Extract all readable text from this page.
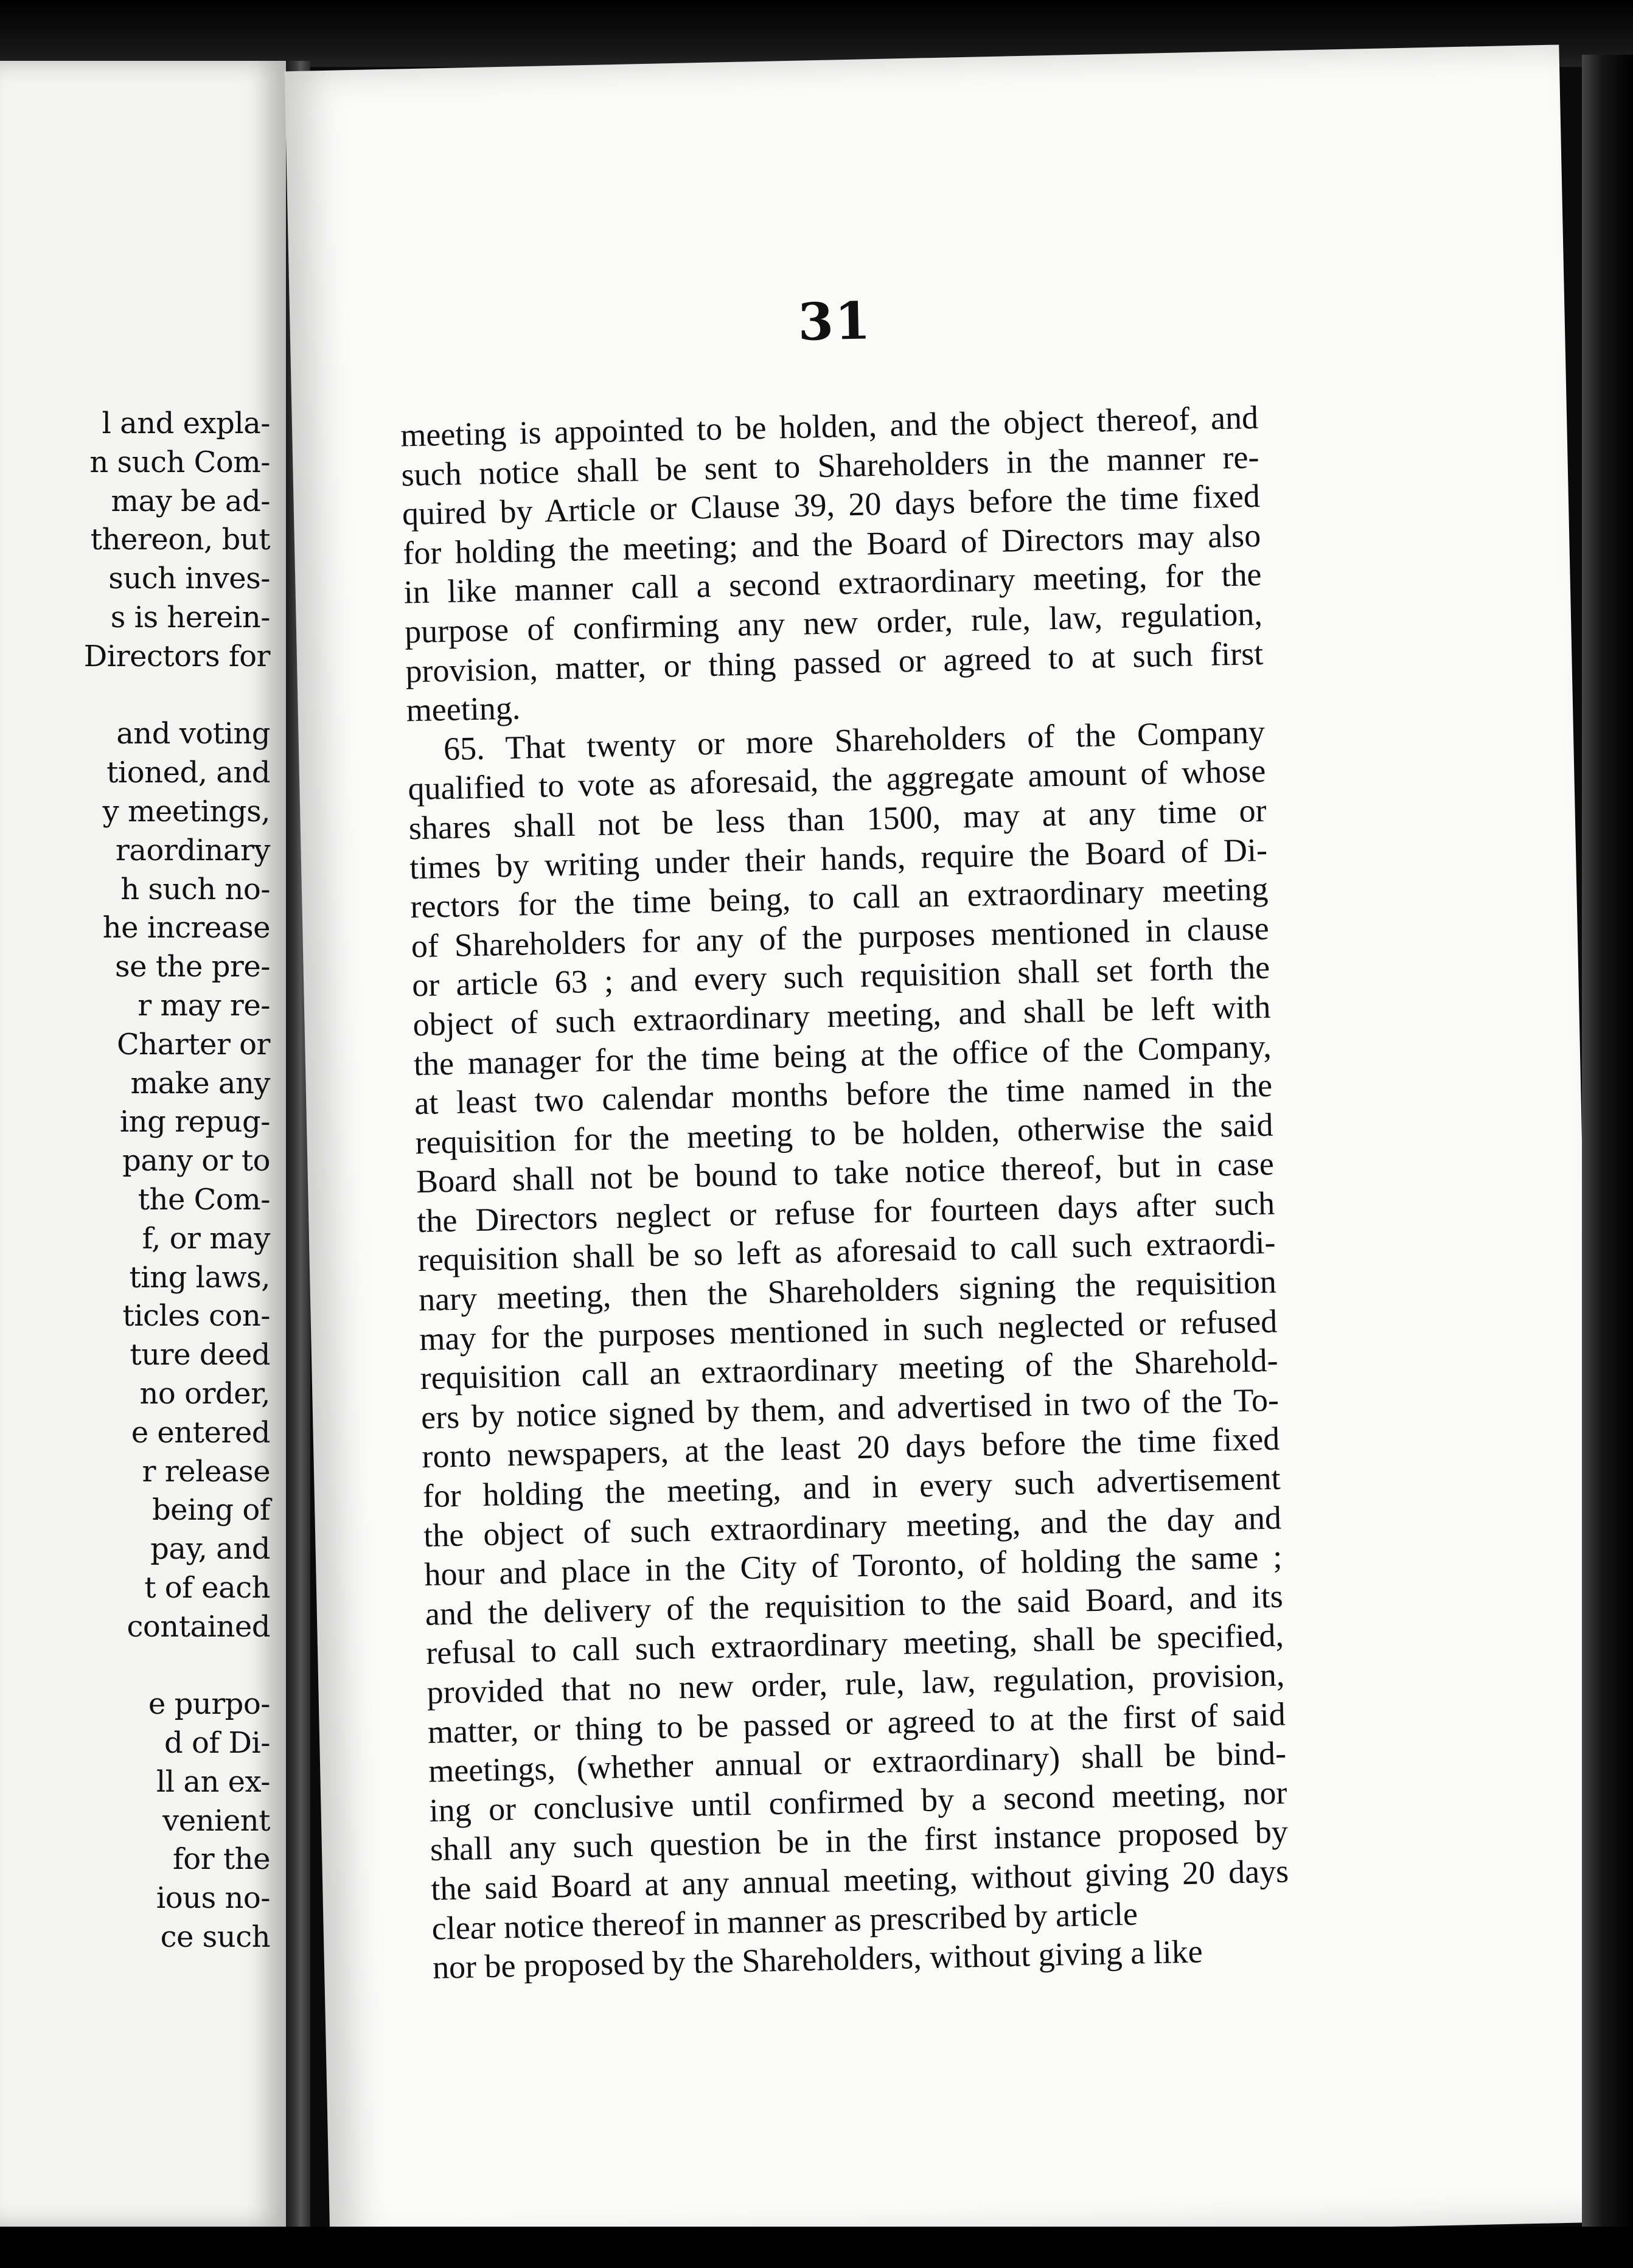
l and expla-
n such Com-
may be ad-
thereon, but
such inves-
s is herein-
Directors for
and voting
tioned, and
y meetings,
raordinary
h such no-
he increase
se the pre-
r may re-
Charter or
make any
ing repug-
pany or to
the Com-
f, or may
ting laws,
ticles con-
ture deed
no order,
e entered
r release
being of
pay, and
t of each
contained
e purpo-
d of Di-
ll an ex-
venient
for the
ious no-
ce such
31
meeting is appointed to be holden, and the object thereof, and
such notice shall be sent to Shareholders in the manner re-
quired by Article or Clause 39, 20 days before the time fixed
for holding the meeting; and the Board of Directors may also
in like manner call a second extraordinary meeting, for the
purpose of confirming any new order, rule, law, regulation,
provision, matter, or thing passed or agreed to at such first
meeting.
65. That twenty or more Shareholders of the Company
qualified to vote as aforesaid, the aggregate amount of whose
shares shall not be less than 1500, may at any time or
times by writing under their hands, require the Board of Di-
rectors for the time being, to call an extraordinary meeting
of Shareholders for any of the purposes mentioned in clause
or article 63 ; and every such requisition shall set forth the
object of such extraordinary meeting, and shall be left with
the manager for the time being at the office of the Company,
at least two calendar months before the time named in the
requisition for the meeting to be holden, otherwise the said
Board shall not be bound to take notice thereof, but in case
the Directors neglect or refuse for fourteen days after such
requisition shall be so left as aforesaid to call such extraordi-
nary meeting, then the Shareholders signing the requisition
may for the purposes mentioned in such neglected or refused
requisition call an extraordinary meeting of the Sharehold-
ers by notice signed by them, and advertised in two of the To-
ronto newspapers, at the least 20 days before the time fixed
for holding the meeting, and in every such advertisement
the object of such extraordinary meeting, and the day and
hour and place in the City of Toronto, of holding the same ;
and the delivery of the requisition to the said Board, and its
refusal to call such extraordinary meeting, shall be specified,
provided that no new order, rule, law, regulation, provision,
matter, or thing to be passed or agreed to at the first of said
meetings, (whether annual or extraordinary) shall be bind-
ing or conclusive until confirmed by a second meeting, nor
shall any such question be in the first instance proposed by
the said Board at any annual meeting, without giving 20 days
clear notice thereof in manner as prescribed by article
nor be proposed by the Shareholders, without giving a like
